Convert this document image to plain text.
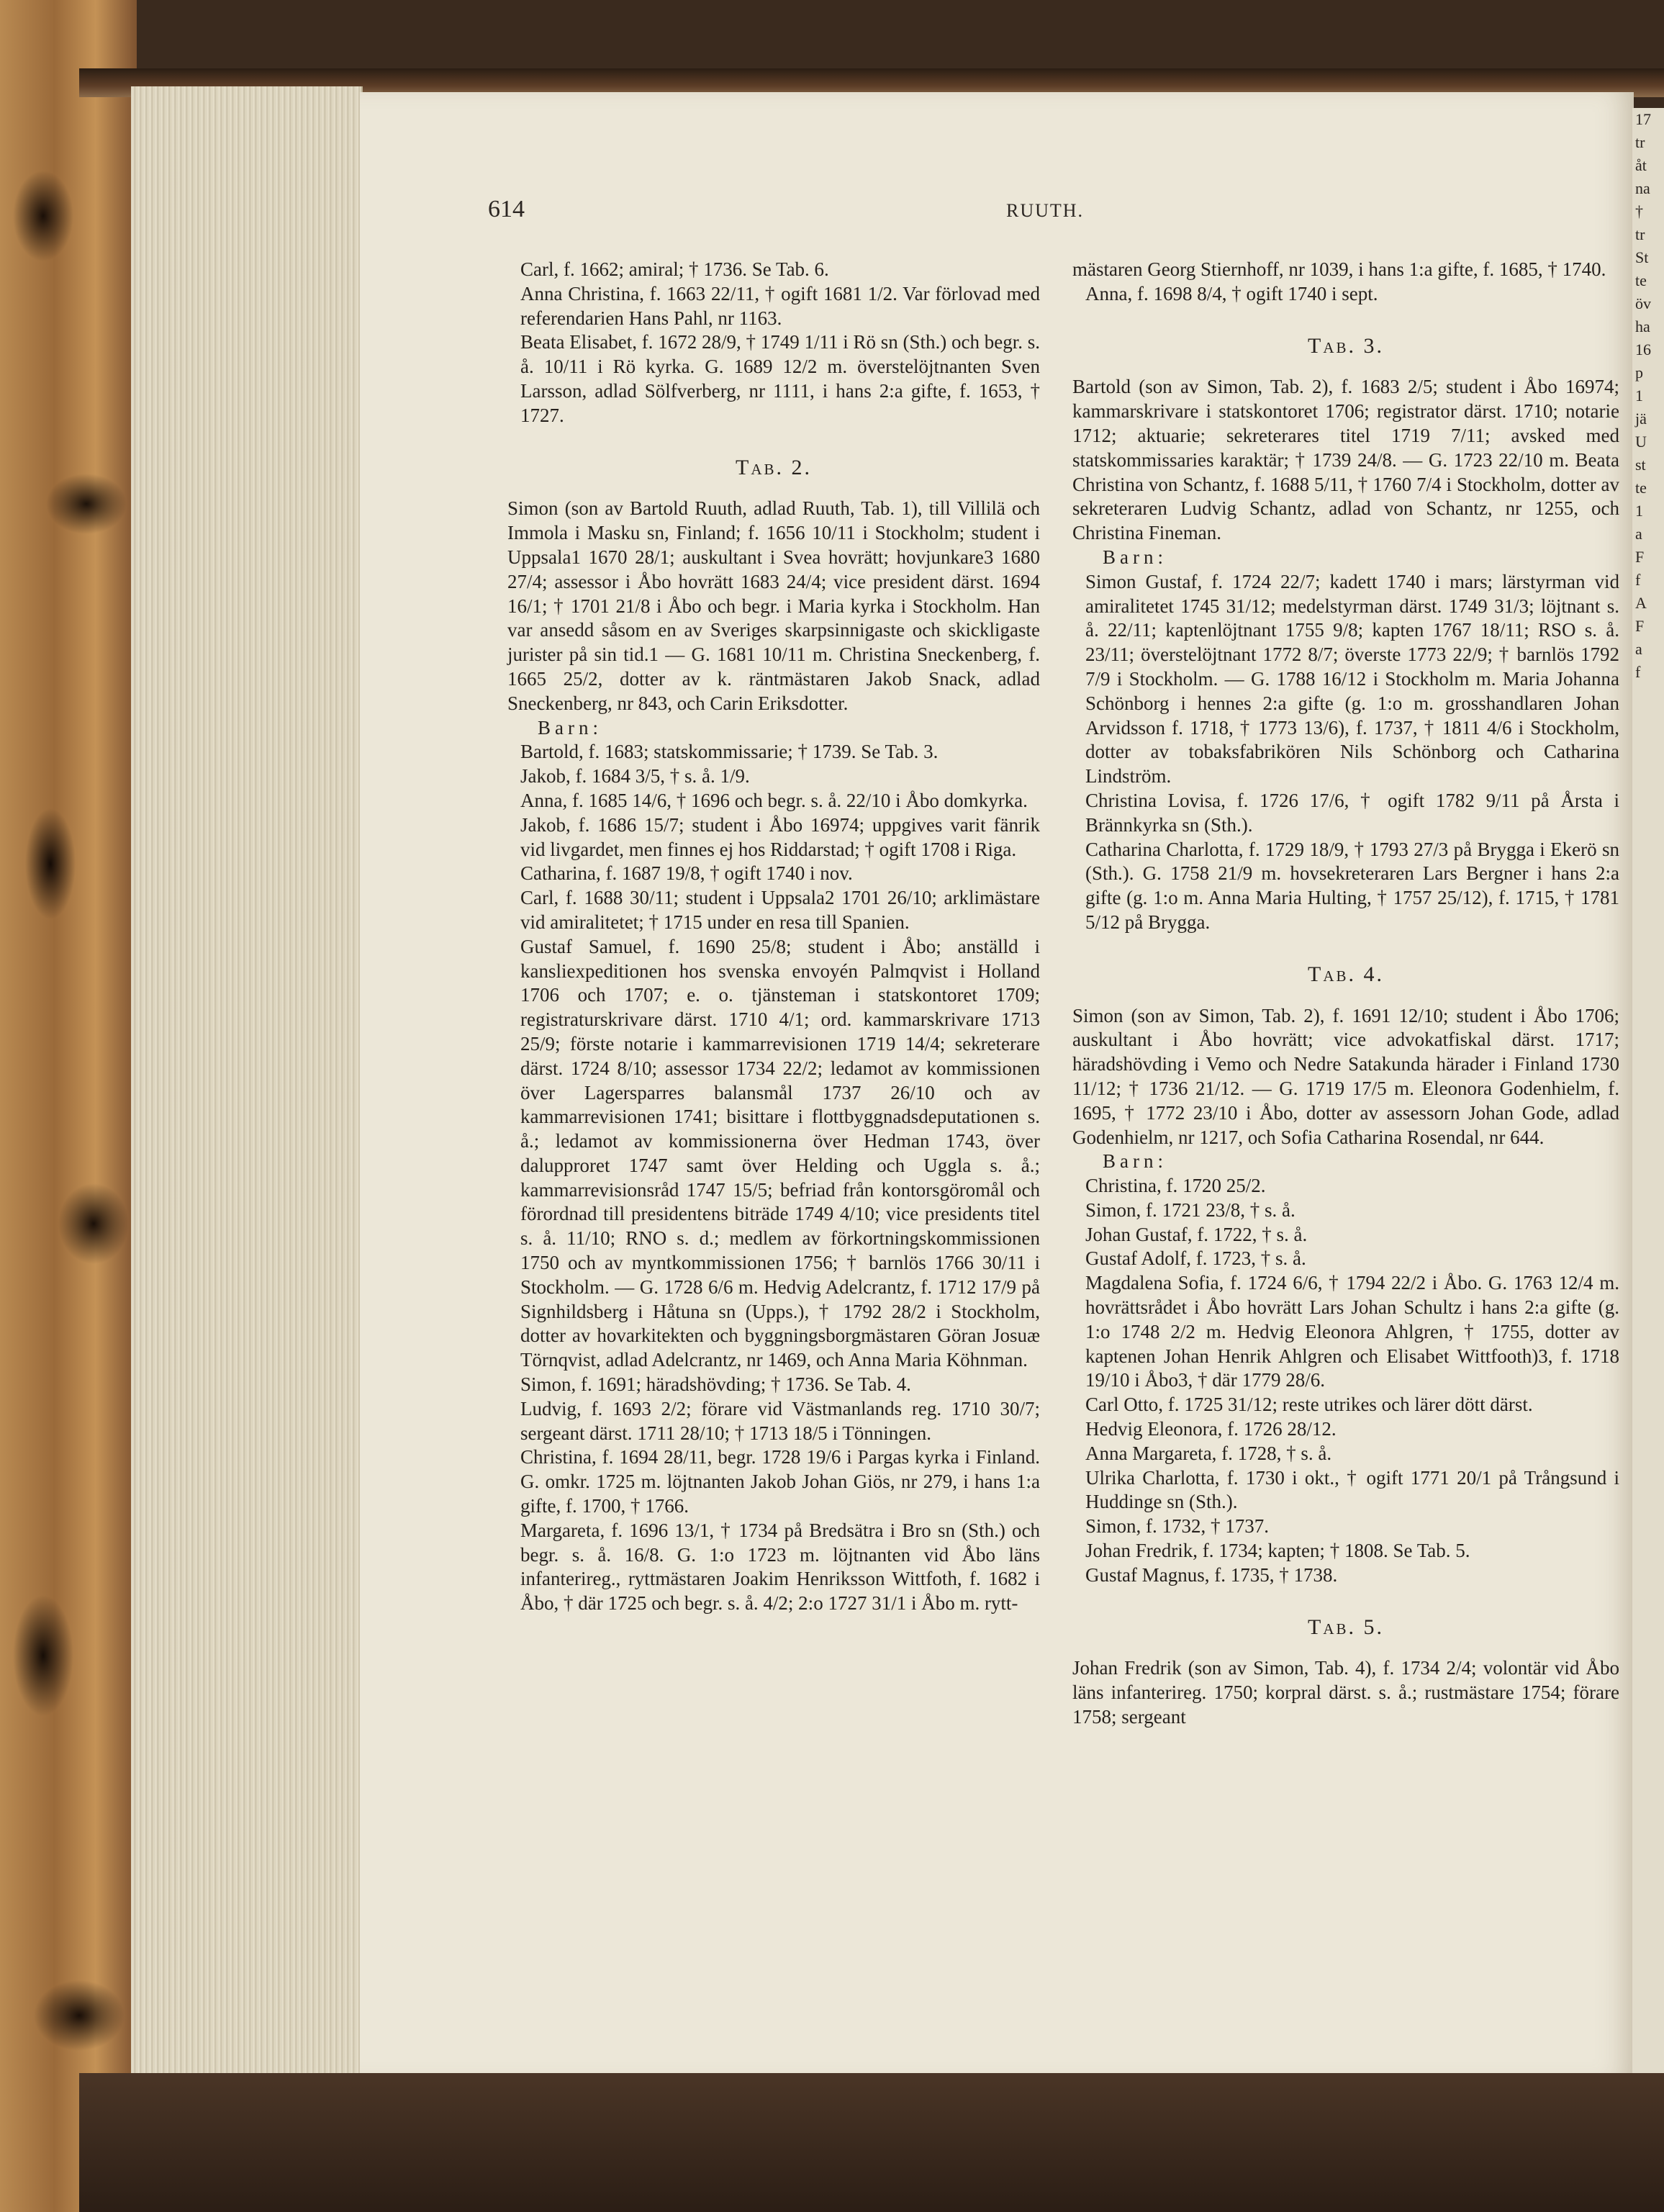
17
tr
åt
na
†
tr
St
te
öv
ha
16
p
1
jä
U
st
te
1
a
F
f
A
F
a
f
614	RUUTH.

Carl, f. 1662; amiral; † 1736. Se Tab. 6.

Anna Christina, f. 1663 22/11, † ogift 1681 1/2. Var förlovad med referendarien Hans Pahl, nr 1163.

Beata Elisabet, f. 1672 28/9, † 1749 1/11 i Rö sn (Sth.) och begr. s. å. 10/11 i Rö kyrka. G. 1689 12/2 m. överstelöjtnanten Sven Larsson, adlad Sölfverberg, nr 1111, i hans 2:a gifte, f. 1653, † 1727.

Tab. 2.

Simon (son av Bartold Ruuth, adlad Ruuth, Tab. 1), till Villilä och Immola i Masku sn, Finland; f. 1656 10/11 i Stockholm; student i Uppsala1 1670 28/1; auskultant i Svea hovrätt; hovjunkare3 1680 27/4; assessor i Åbo hovrätt 1683 24/4; vice president därst. 1694 16/1; † 1701 21/8 i Åbo och begr. i Maria kyrka i Stockholm. Han var ansedd såsom en av Sveriges skarpsinnigaste och skickligaste jurister på sin tid.1 — G. 1681 10/11 m. Christina Sneckenberg, f. 1665 25/2, dotter av k. räntmästaren Jakob Snack, adlad Sneckenberg, nr 843, och Carin Eriksdotter.

Barn:

Bartold, f. 1683; statskommissarie; † 1739. Se Tab. 3.

Jakob, f. 1684 3/5, † s. å. 1/9.

Anna, f. 1685 14/6, † 1696 och begr. s. å. 22/10 i Åbo domkyrka.

Jakob, f. 1686 15/7; student i Åbo 16974; uppgives varit fänrik vid livgardet, men finnes ej hos Riddarstad; † ogift 1708 i Riga.

Catharina, f. 1687 19/8, † ogift 1740 i nov.

Carl, f. 1688 30/11; student i Uppsala2 1701 26/10; arklimästare vid amiralitetet; † 1715 under en resa till Spanien.

Gustaf Samuel, f. 1690 25/8; student i Åbo; anställd i kansliexpeditionen hos svenska envoyén Palmqvist i Holland 1706 och 1707; e. o. tjänsteman i statskontoret 1709; registraturskrivare därst. 1710 4/1; ord. kammarskrivare 1713 25/9; förste notarie i kammarrevisionen 1719 14/4; sekreterare därst. 1724 8/10; assessor 1734 22/2; ledamot av kommissionen över Lagersparres balansmål 1737 26/10 och av kammarrevisionen 1741; bisittare i flottbyggnadsdeputationen s. å.; ledamot av kommissionerna över Hedman 1743, över dalupproret 1747 samt över Helding och Uggla s. å.; kammarrevisionsråd 1747 15/5; befriad från kontorsgöromål och förordnad till presidentens biträde 1749 4/10; vice presidents titel s. å. 11/10; RNO s. d.; medlem av förkortningskommissionen 1750 och av myntkommissionen 1756; † barnlös 1766 30/11 i Stockholm. — G. 1728 6/6 m. Hedvig Adelcrantz, f. 1712 17/9 på Signhildsberg i Håtuna sn (Upps.), † 1792 28/2 i Stockholm, dotter av hovarkitekten och byggningsborgmästaren Göran Josuæ Törnqvist, adlad Adelcrantz, nr 1469, och Anna Maria Köhnman.

Simon, f. 1691; häradshövding; † 1736. Se Tab. 4.

Ludvig, f. 1693 2/2; förare vid Västmanlands reg. 1710 30/7; sergeant därst. 1711 28/10; † 1713 18/5 i Tönningen.

Christina, f. 1694 28/11, begr. 1728 19/6 i Pargas kyrka i Finland. G. omkr. 1725 m. löjtnanten Jakob Johan Giös, nr 279, i hans 1:a gifte, f. 1700, † 1766.

Margareta, f. 1696 13/1, † 1734 på Bredsätra i Bro sn (Sth.) och begr. s. å. 16/8. G. 1:o 1723 m. löjtnanten vid Åbo läns infanterireg., ryttmästaren Joakim Henriksson Wittfoth, f. 1682 i Åbo, † där 1725 och begr. s. å. 4/2; 2:o 1727 31/1 i Åbo m. rytt-

mästaren Georg Stiernhoff, nr 1039, i hans 1:a gifte, f. 1685, † 1740.

Anna, f. 1698 8/4, † ogift 1740 i sept.

Tab. 3.

Bartold (son av Simon, Tab. 2), f. 1683 2/5; student i Åbo 16974; kammarskrivare i statskontoret 1706; registrator därst. 1710; notarie 1712; aktuarie; sekreterares titel 1719 7/11; avsked med statskommissaries karaktär; † 1739 24/8. — G. 1723 22/10 m. Beata Christina von Schantz, f. 1688 5/11, † 1760 7/4 i Stockholm, dotter av sekreteraren Ludvig Schantz, adlad von Schantz, nr 1255, och Christina Fineman.

Barn:

Simon Gustaf, f. 1724 22/7; kadett 1740 i mars; lärstyrman vid amiralitetet 1745 31/12; medelstyrman därst. 1749 31/3; löjtnant s. å. 22/11; kaptenlöjtnant 1755 9/8; kapten 1767 18/11; RSO s. å. 23/11; överstelöjtnant 1772 8/7; överste 1773 22/9; † barnlös 1792 7/9 i Stockholm. — G. 1788 16/12 i Stockholm m. Maria Johanna Schönborg i hennes 2:a gifte (g. 1:o m. grosshandlaren Johan Arvidsson f. 1718, † 1773 13/6), f. 1737, † 1811 4/6 i Stockholm, dotter av tobaksfabrikören Nils Schönborg och Catharina Lindström.

Christina Lovisa, f. 1726 17/6, † ogift 1782 9/11 på Årsta i Brännkyrka sn (Sth.).

Catharina Charlotta, f. 1729 18/9, † 1793 27/3 på Brygga i Ekerö sn (Sth.). G. 1758 21/9 m. hovsekreteraren Lars Bergner i hans 2:a gifte (g. 1:o m. Anna Maria Hulting, † 1757 25/12), f. 1715, † 1781 5/12 på Brygga.

Tab. 4.

Simon (son av Simon, Tab. 2), f. 1691 12/10; student i Åbo 1706; auskultant i Åbo hovrätt; vice advokatfiskal därst. 1717; häradshövding i Vemo och Nedre Satakunda härader i Finland 1730 11/12; † 1736 21/12. — G. 1719 17/5 m. Eleonora Godenhielm, f. 1695, † 1772 23/10 i Åbo, dotter av assessorn Johan Gode, adlad Godenhielm, nr 1217, och Sofia Catharina Rosendal, nr 644.

Barn:

Christina, f. 1720 25/2.

Simon, f. 1721 23/8, † s. å.

Johan Gustaf, f. 1722, † s. å.

Gustaf Adolf, f. 1723, † s. å.

Magdalena Sofia, f. 1724 6/6, † 1794 22/2 i Åbo. G. 1763 12/4 m. hovrättsrådet i Åbo hovrätt Lars Johan Schultz i hans 2:a gifte (g. 1:o 1748 2/2 m. Hedvig Eleonora Ahlgren, † 1755, dotter av kaptenen Johan Henrik Ahlgren och Elisabet Wittfooth)3, f. 1718 19/10 i Åbo3, † där 1779 28/6.

Carl Otto, f. 1725 31/12; reste utrikes och lärer dött därst.

Hedvig Eleonora, f. 1726 28/12.

Anna Margareta, f. 1728, † s. å.

Ulrika Charlotta, f. 1730 i okt., † ogift 1771 20/1 på Trångsund i Huddinge sn (Sth.).

Simon, f. 1732, † 1737.

Johan Fredrik, f. 1734; kapten; † 1808. Se Tab. 5.

Gustaf Magnus, f. 1735, † 1738.

Tab. 5.

Johan Fredrik (son av Simon, Tab. 4), f. 1734 2/4; volontär vid Åbo läns infanterireg. 1750; korpral därst. s. å.; rustmästare 1754; förare 1758; sergeant
